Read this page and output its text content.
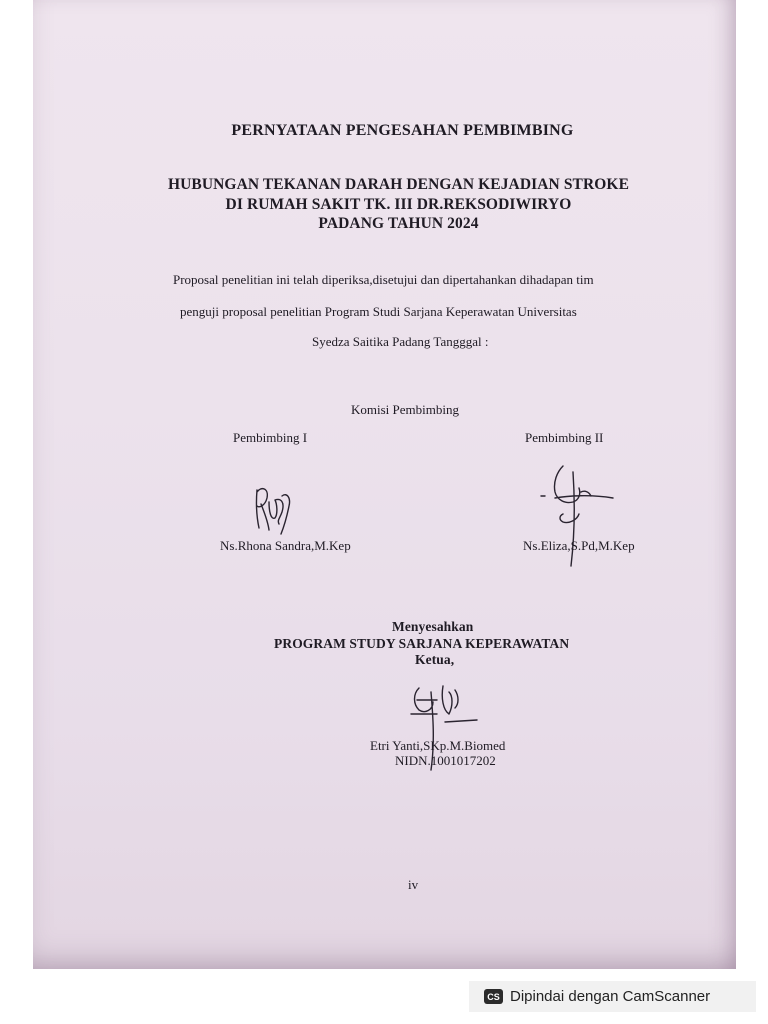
PERNYATAAN PENGESAHAN PEMBIMBING
HUBUNGAN TEKANAN DARAH DENGAN KEJADIAN STROKE
DI RUMAH SAKIT TK. III DR.REKSODIWIRYO
PADANG TAHUN 2024
Proposal penelitian ini telah diperiksa,disetujui dan dipertahankan dihadapan tim
penguji proposal penelitian Program Studi Sarjana Keperawatan Universitas
Syedza Saitika Padang Tangggal :
Komisi Pembimbing
Pembimbing I	Pembimbing II
Ns.Rhona Sandra,M.Kep	Ns.Eliza,S.Pd,M.Kep
Menyesahkan
PROGRAM STUDY SARJANA KEPERAWATAN
Ketua,
Etri Yanti,SKp.M.Biomed
NIDN.1001017202
iv
CS Dipindai dengan CamScanner
